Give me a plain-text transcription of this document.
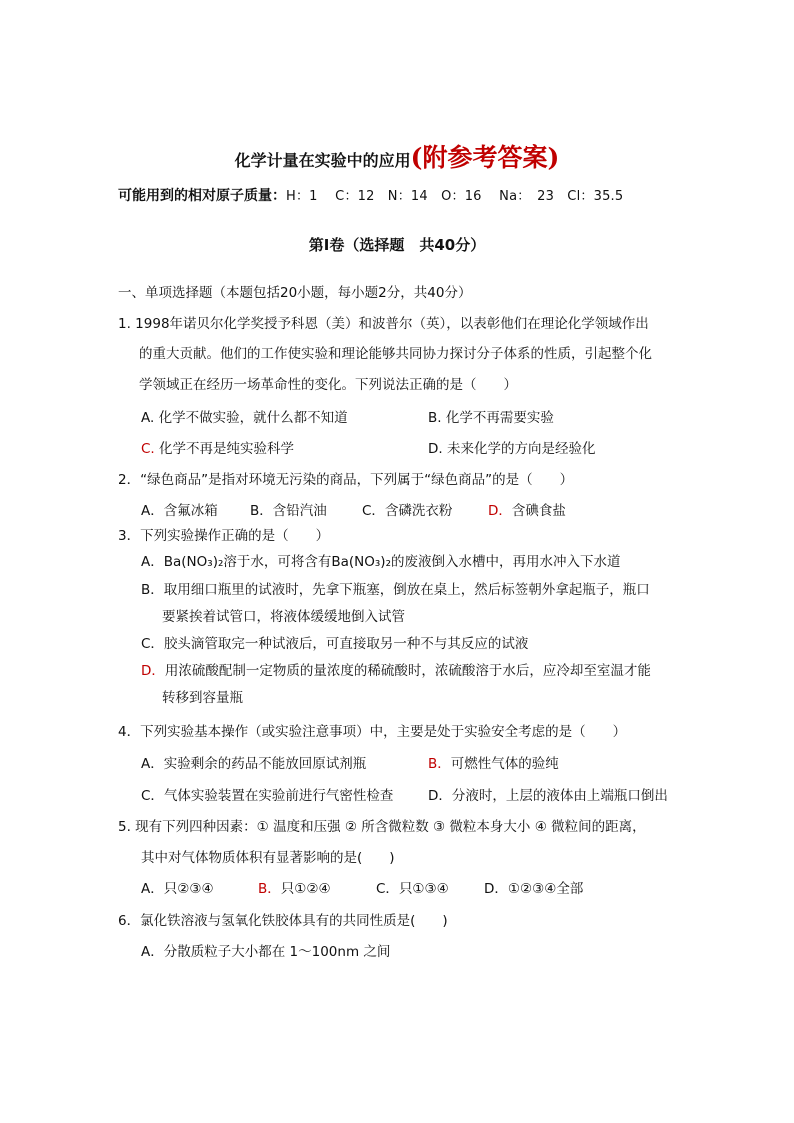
化学计量在实验中的应用(附参考答案)
可能用到的相对原子质量：H：1　 C：12　N：14　O：16　 Na：　23　Cl：35.5
第Ⅰ卷（选择题　共40分）
一、单项选择题（本题包括20小题，每小题2分，共40分）
1. 1998年诺贝尔化学奖授予科恩（美）和波普尔（英），以表彰他们在理论化学领域作出
的重大贡献。他们的工作使实验和理论能够共同协力探讨分子体系的性质，引起整个化
学领域正在经历一场革命性的变化。下列说法正确的是（　　）
A. 化学不做实验，就什么都不知道	B. 化学不再需要实验
C. 化学不再是纯实验科学	D. 未来化学的方向是经验化
2．“绿色商品”是指对环境无污染的商品，下列属于“绿色商品”的是（　　）
A．含氟冰箱 B．含铅汽油	C．含磷洗衣粉	D．含碘食盐
3．下列实验操作正确的是（　　）
A．Ba(NO₃)₂溶于水，可将含有Ba(NO₃)₂的废液倒入水槽中，再用水冲入下水道
B．取用细口瓶里的试液时，先拿下瓶塞，倒放在桌上，然后标签朝外拿起瓶子，瓶口
要紧挨着试管口，将液体缓缓地倒入试管
C．胶头滴管取完一种试液后，可直接取另一种不与其反应的试液
D．用浓硫酸配制一定物质的量浓度的稀硫酸时，浓硫酸溶于水后，应冷却至室温才能
转移到容量瓶
4．下列实验基本操作（或实验注意事项）中，主要是处于实验安全考虑的是（　　）
A．实验剩余的药品不能放回原试剂瓶	B．可燃性气体的验纯
C．气体实验装置在实验前进行气密性检查	D．分液时，上层的液体由上端瓶口倒出
5. 现有下列四种因素：① 温度和压强 ② 所含微粒数 ③ 微粒本身大小 ④ 微粒间的距离，
其中对气体物质体积有显著影响的是(　　)
A．只②③④	B．只①②④	C．只①③④	D．①②③④全部
6．氯化铁溶液与氢氧化铁胶体具有的共同性质是(　　)
A．分散质粒子大小都在 1～100nm 之间
